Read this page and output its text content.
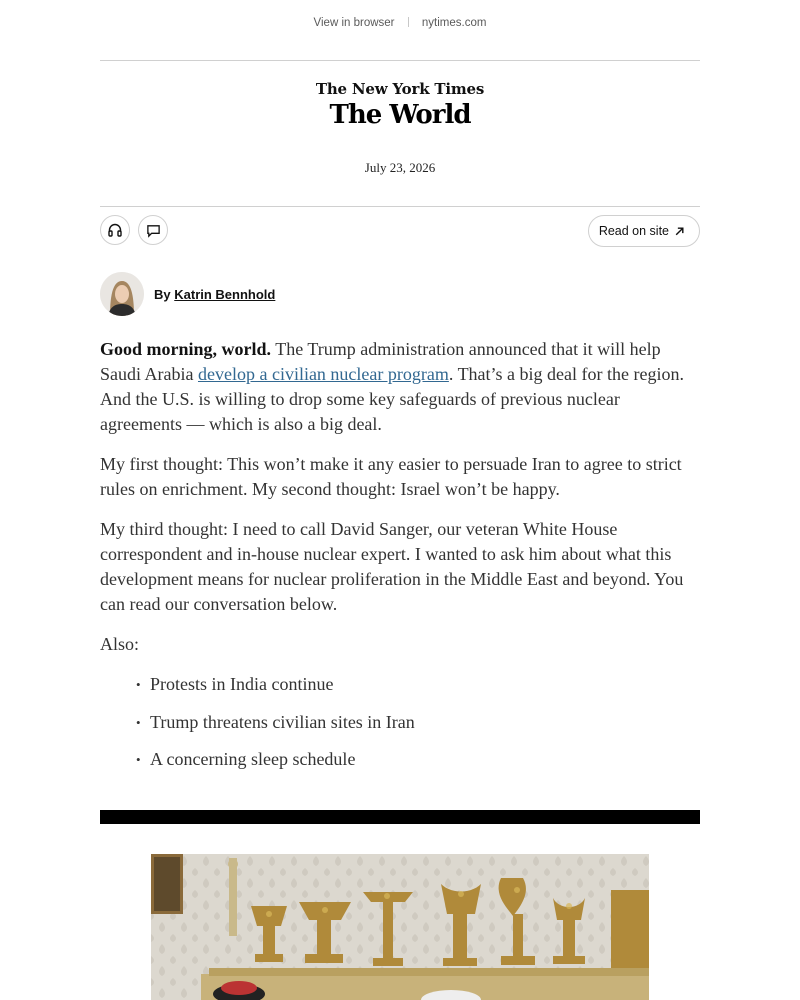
View in browser nytimes.com
The New York Times
The World
July 23, 2026
Read on site
By Katrin Bennhold

Good morning, world. The Trump administration announced that it will help Saudi Arabia develop a civilian nuclear program. That’s a big deal for the region. And the U.S. is willing to drop some key safeguards of previous nuclear agreements — which is also a big deal.

My first thought: This won’t make it any easier to persuade Iran to agree to strict rules on enrichment. My second thought: Israel won’t be happy.

My third thought: I need to call David Sanger, our veteran White House correspondent and in-house nuclear expert. I wanted to ask him about what this development means for nuclear proliferation in the Middle East and beyond. You can read our conversation below.

Also:

• Protests in India continue
• Trump threatens civilian sites in Iran
• A concerning sleep schedule
